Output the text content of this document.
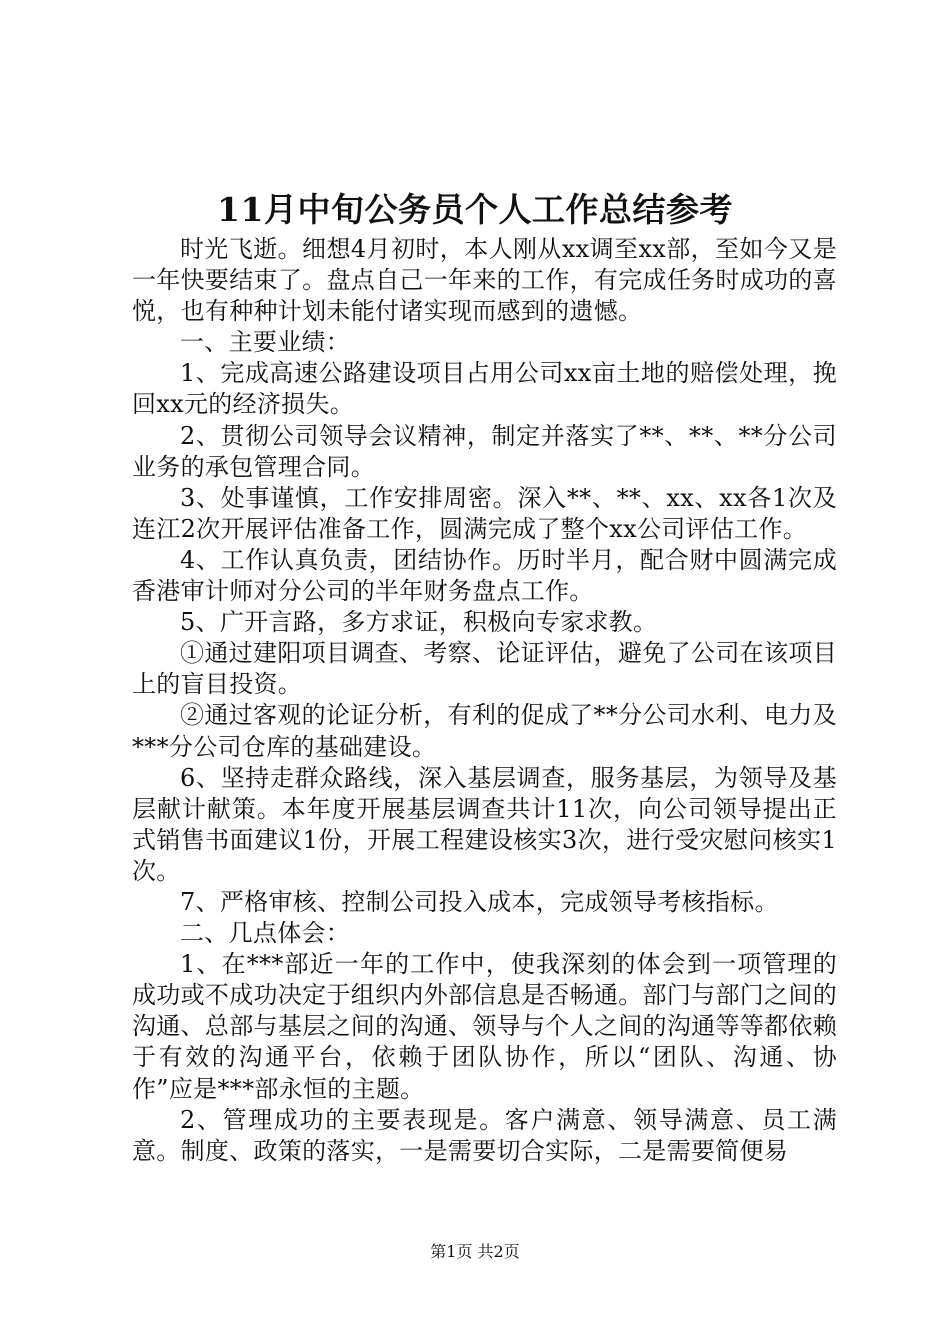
11月中旬公务员个人工作总结参考

时光飞逝。细想4月初时，本人刚从xx调至xx部，至如今又是一年快要结束了。盘点自己一年来的工作，有完成任务时成功的喜悦，也有种种计划未能付诸实现而感到的遗憾。

一、主要业绩：

1、完成高速公路建设项目占用公司xx亩土地的赔偿处理，挽回xx元的经济损失。

2、贯彻公司领导会议精神，制定并落实了**、**、**分公司业务的承包管理合同。

3、处事谨慎，工作安排周密。深入**、**、xx、xx各1次及连江2次开展评估准备工作，圆满完成了整个xx公司评估工作。

4、工作认真负责，团结协作。历时半月，配合财中圆满完成香港审计师对分公司的半年财务盘点工作。

5、广开言路，多方求证，积极向专家求教。

①通过建阳项目调查、考察、论证评估，避免了公司在该项目上的盲目投资。

②通过客观的论证分析，有利的促成了**分公司水利、电力及***分公司仓库的基础建设。

6、坚持走群众路线，深入基层调查，服务基层，为领导及基层献计献策。本年度开展基层调查共计11次，向公司领导提出正式销售书面建议1份，开展工程建设核实3次，进行受灾慰问核实1次。

7、严格审核、控制公司投入成本，完成领导考核指标。

二、几点体会：

1、在***部近一年的工作中，使我深刻的体会到一项管理的成功或不成功决定于组织内外部信息是否畅通。部门与部门之间的沟通、总部与基层之间的沟通、领导与个人之间的沟通等等都依赖于有效的沟通平台，依赖于团队协作，所以“团队、沟通、协作”应是***部永恒的主题。

2、管理成功的主要表现是。客户满意、领导满意、员工满意。制度、政策的落实，一是需要切合实际，二是需要简便易

第1页 共2页
